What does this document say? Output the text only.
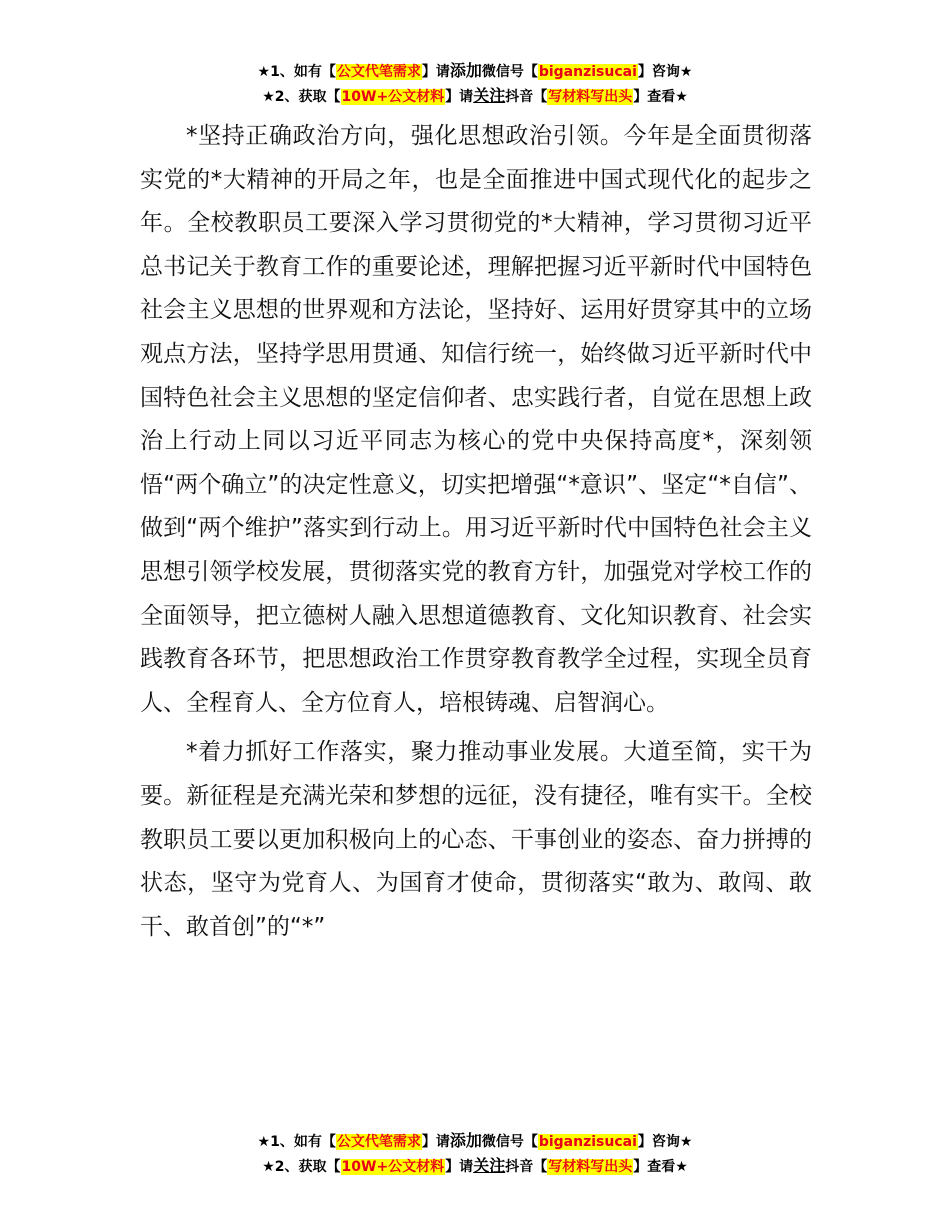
★1、如有【公文代笔需求】请添加微信号【biganzisucai】咨询★
★2、获取【10W+公文材料】请关注抖音【写材料写出头】查看★

*坚持正确政治方向，强化思想政治引领。今年是全面贯彻落实党的*大精神的开局之年，也是全面推进中国式现代化的起步之年。全校教职员工要深入学习贯彻党的*大精神，学习贯彻习近平总书记关于教育工作的重要论述，理解把握习近平新时代中国特色社会主义思想的世界观和方法论，坚持好、运用好贯穿其中的立场观点方法，坚持学思用贯通、知信行统一，始终做习近平新时代中国特色社会主义思想的坚定信仰者、忠实践行者，自觉在思想上政治上行动上同以习近平同志为核心的党中央保持高度*，深刻领悟“两个确立”的决定性意义，切实把增强“*意识”、坚定“*自信”、做到“两个维护”落实到行动上。用习近平新时代中国特色社会主义思想引领学校发展，贯彻落实党的教育方针，加强党对学校工作的全面领导，把立德树人融入思想道德教育、文化知识教育、社会实践教育各环节，把思想政治工作贯穿教育教学全过程，实现全员育人、全程育人、全方位育人，培根铸魂、启智润心。

*着力抓好工作落实，聚力推动事业发展。大道至简，实干为要。新征程是充满光荣和梦想的远征，没有捷径，唯有实干。全校教职员工要以更加积极向上的心态、干事创业的姿态、奋力拼搏的状态，坚守为党育人、为国育才使命，贯彻落实“敢为、敢闯、敢干、敢首创”的“*”

★1、如有【公文代笔需求】请添加微信号【biganzisucai】咨询★
★2、获取【10W+公文材料】请关注抖音【写材料写出头】查看★
